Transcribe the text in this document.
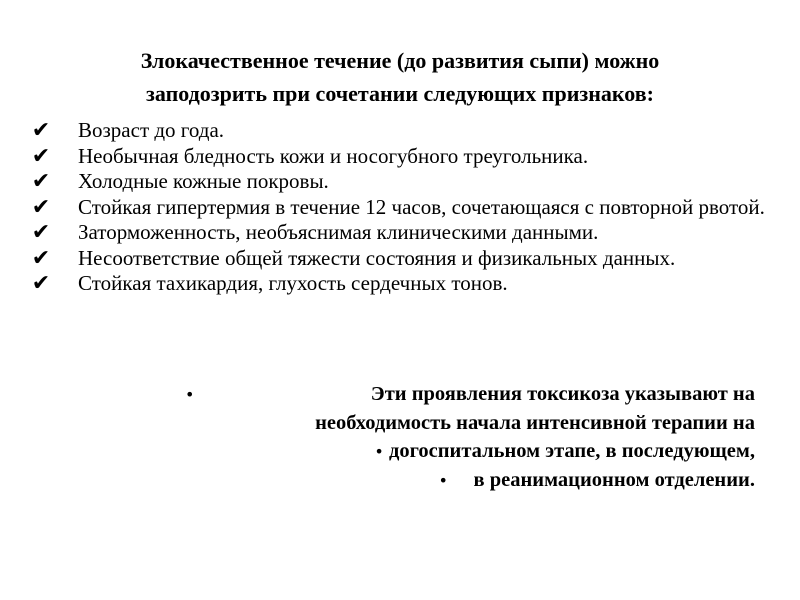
Злокачественное течение (до развития сыпи) можно
заподозрить при сочетании следующих признаков:
✔ Возраст до года.
✔ Необычная бледность кожи и носогубного треугольника.
✔ Холодные кожные покровы.
✔ Стойкая гипертермия в течение 12 часов, сочетающаяся с повторной рвотой.
✔ Заторможенность, необъяснимая клиническими данными.
✔ Несоответствие общей тяжести состояния и физикальных данных.
✔ Стойкая тахикардия, глухость сердечных тонов.
•	Эти проявления токсикоза указывают на
необходимость начала интенсивной терапии на
• догоспитальном этапе, в последующем,
• в реанимационном отделении.
